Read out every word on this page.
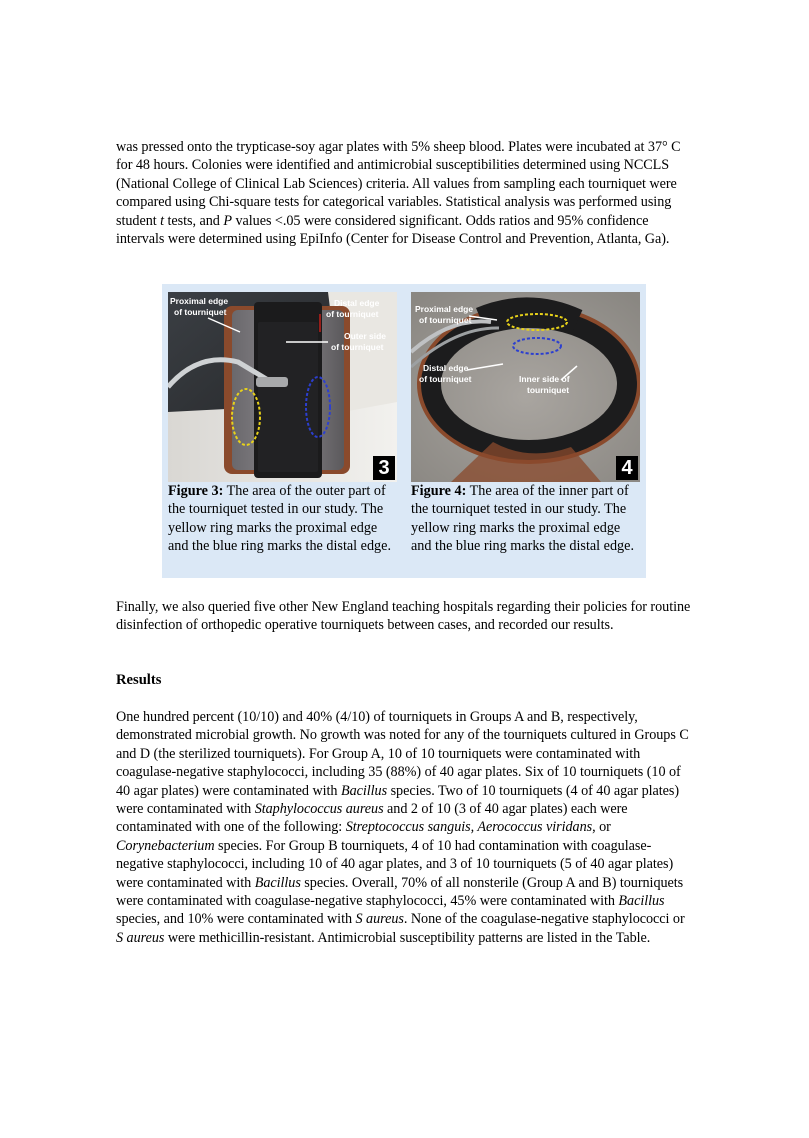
was pressed onto the trypticase-soy agar plates with 5% sheep blood. Plates were incubated at 37° C for 48 hours. Colonies were identified and antimicrobial susceptibilities determined using NCCLS (National College of Clinical Lab Sciences) criteria. All values from sampling each tourniquet were compared using Chi-square tests for categorical variables. Statistical analysis was performed using student t tests, and P values <.05 were considered significant. Odds ratios and 95% confidence intervals were determined using EpiInfo (Center for Disease Control and Prevention, Atlanta, Ga).

Proximal edge
of tourniquet
Distal edge
of tourniquet
Outer side
of tourniquet
3
Proximal edge
of tourniquet
Distal edge
of tourniquet	Inner side of
tourniquet
4

Figure 3: The area of the outer part of the tourniquet tested in our study. The yellow ring marks the proximal edge and the blue ring marks the distal edge.

Figure 4: The area of the inner part of the tourniquet tested in our study. The yellow ring marks the proximal edge and the blue ring marks the distal edge.

Finally, we also queried five other New England teaching hospitals regarding their policies for routine disinfection of orthopedic operative tourniquets between cases, and recorded our results.

Results

One hundred percent (10/10) and 40% (4/10) of tourniquets in Groups A and B, respectively, demonstrated microbial growth. No growth was noted for any of the tourniquets cultured in Groups C and D (the sterilized tourniquets). For Group A, 10 of 10 tourniquets were contaminated with coagulase-negative staphylococci, including 35 (88%) of 40 agar plates. Six of 10 tourniquets (10 of 40 agar plates) were contaminated with Bacillus species. Two of 10 tourniquets (4 of 40 agar plates) were contaminated with Staphylococcus aureus and 2 of 10 (3 of 40 agar plates) each were contaminated with one of the following: Streptococcus sanguis, Aerococcus viridans, or Corynebacterium species. For Group B tourniquets, 4 of 10 had contamination with coagulase-negative staphylococci, including 10 of 40 agar plates, and 3 of 10 tourniquets (5 of 40 agar plates) were contaminated with Bacillus species. Overall, 70% of all nonsterile (Group A and B) tourniquets were contaminated with coagulase-negative staphylococci, 45% were contaminated with Bacillus species, and 10% were contaminated with S aureus. None of the coagulase-negative staphylococci or S aureus were methicillin-resistant. Antimicrobial susceptibility patterns are listed in the Table.
